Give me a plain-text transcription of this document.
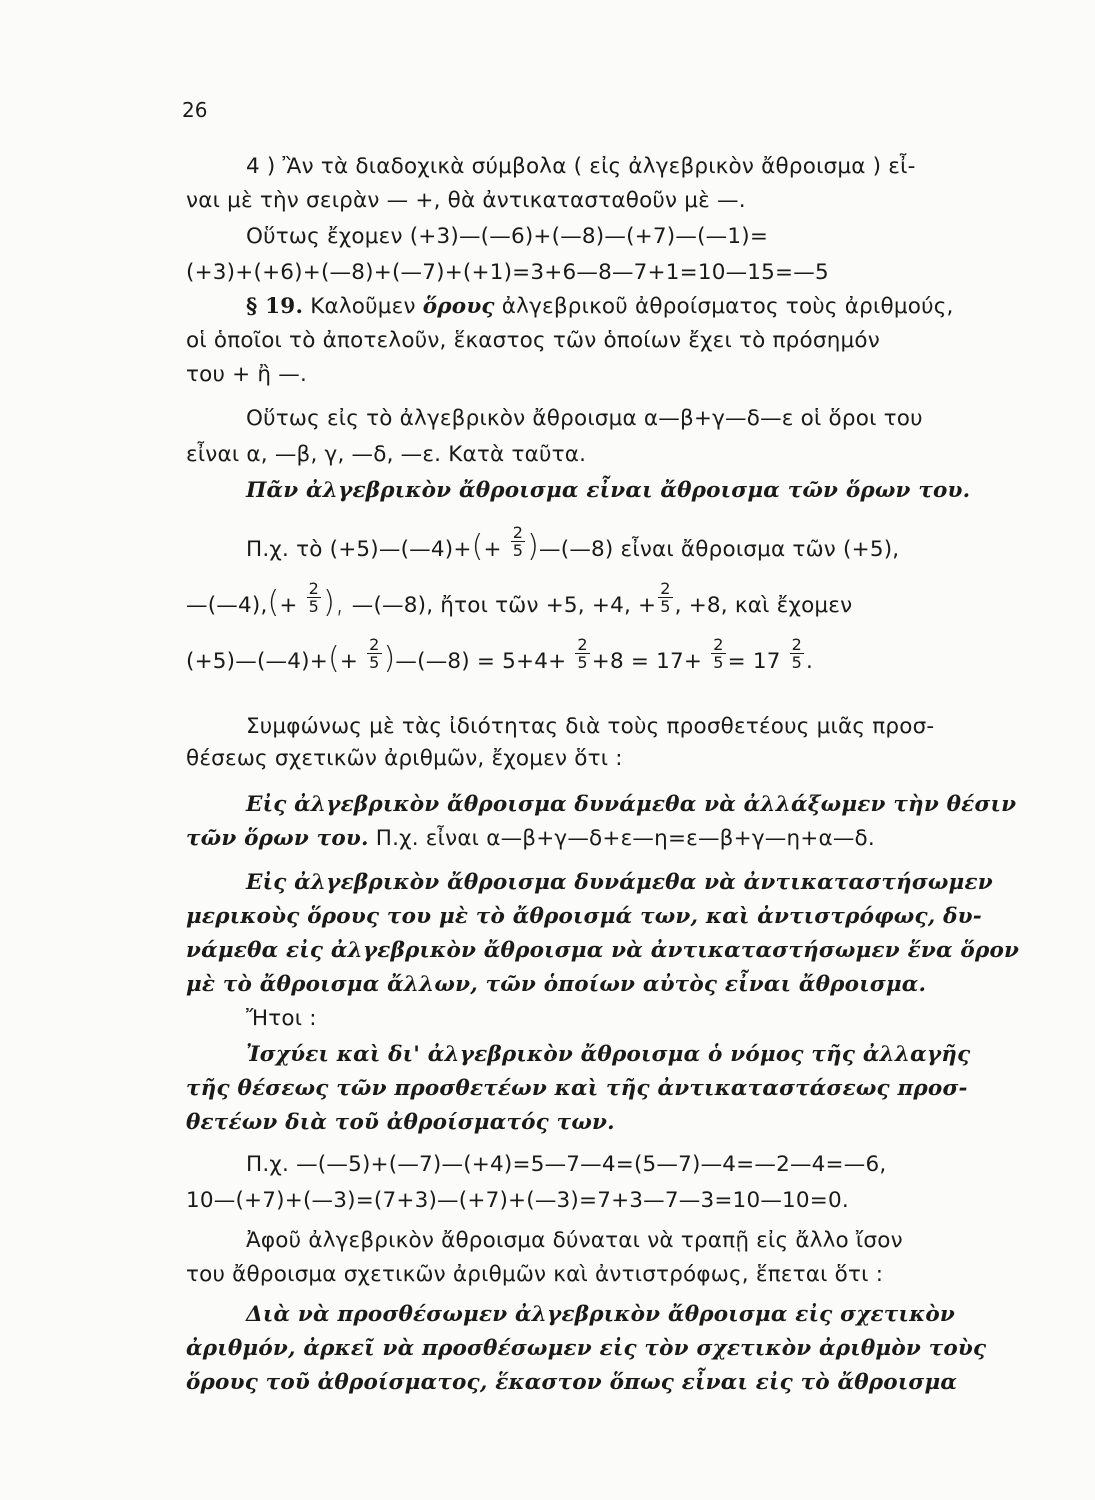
26
4 ) Ἂν τὰ διαδοχικὰ σύμβολα ( εἰς ἀλγεβρικὸν ἄθροισμα ) εἶ-
ναι μὲ τὴν σειρὰν — +, θὰ ἀντικατασταθοῦν μὲ —.
Οὕτως ἔχομεν (+3)—(—6)+(—8)—(+7)—(—1)=
(+3)+(+6)+(—8)+(—7)+(+1)=3+6—8—7+1=10—15=—5
§ 19. Καλοῦμεν ὅρους ἀλγεβρικοῦ ἀθροίσματος τοὺς ἀριθμούς,
οἱ ὁποῖοι τὸ ἀποτελοῦν, ἕκαστος τῶν ὁποίων ἔχει τὸ πρόσημόν
του + ἢ —.
Οὕτως εἰς τὸ ἀλγεβρικὸν ἄθροισμα α—β+γ—δ—ε οἱ ὅροι του
εἶναι α, —β, γ, —δ, —ε. Κατὰ ταῦτα.
Πᾶν ἀλγεβρικὸν ἄθροισμα εἶναι ἄθροισμα τῶν ὅρων του.
Π.χ. τὸ (+5)—(—4)+(+ $\frac{2}{5}$ )—(—8) εἶναι ἄθροισμα τῶν (+5),
—(—4),(+ $\frac{2}{5}$ ), —(—8), ἤτοι τῶν +5, +4, + $\frac{2}{5}$ , +8, καὶ ἔχομεν
(+5)—(—4)+(+ $\frac{2}{5}$ )—(—8) = $5+4+ \frac{2}{5} +8 = 17+ \frac{2}{5} = 17 \frac{2}{5}$ .
Συμφώνως μὲ τὰς ἰδιότητας διὰ τοὺς προσθετέους μιᾶς προσ-
θέσεως σχετικῶν ἀριθμῶν, ἔχομεν ὅτι :
Εἰς ἀλγεβρικὸν ἄθροισμα δυνάμεθα νὰ ἀλλάξωμεν τὴν θέσιν
τῶν ὅρων του. Π.χ. εἶναι α—β+γ—δ+ε—η=ε—β+γ—η+α—δ.
Εἰς ἀλγεβρικὸν ἄθροισμα δυνάμεθα νὰ ἀντικαταστήσωμεν
μερικοὺς ὅρους του μὲ τὸ ἄθροισμά των, καὶ ἀντιστρόφως, δυ-
νάμεθα εἰς ἀλγεβρικὸν ἄθροισμα νὰ ἀντικαταστήσωμεν ἕνα ὅρον
μὲ τὸ ἄθροισμα ἄλλων, τῶν ὁποίων αὐτὸς εἶναι ἄθροισμα.
Ἤτοι :
Ἰσχύει καὶ δι' ἀλγεβρικὸν ἄθροισμα ὁ νόμος τῆς ἀλλαγῆς
τῆς θέσεως τῶν προσθετέων καὶ τῆς ἀντικαταστάσεως προσ-
θετέων διὰ τοῦ ἀθροίσματός των.
Π.χ. —(—5)+(—7)—(+4)=5—7—4=(5—7)—4=—2—4=—6,
10—(+7)+(—3)=(7+3)—(+7)+(—3)=7+3—7—3=10—10=0.
Ἀφοῦ ἀλγεβρικὸν ἄθροισμα δύναται νὰ τραπῇ εἰς ἄλλο ἴσον
του ἄθροισμα σχετικῶν ἀριθμῶν καὶ ἀντιστρόφως, ἕπεται ὅτι :
Διὰ νὰ προσθέσωμεν ἀλγεβρικὸν ἄθροισμα εἰς σχετικὸν
ἀριθμόν, ἀρκεῖ νὰ προσθέσωμεν εἰς τὸν σχετικὸν ἀριθμὸν τοὺς
ὅρους τοῦ ἀθροίσματος, ἕκαστον ὅπως εἶναι εἰς τὸ ἄθροισμα
